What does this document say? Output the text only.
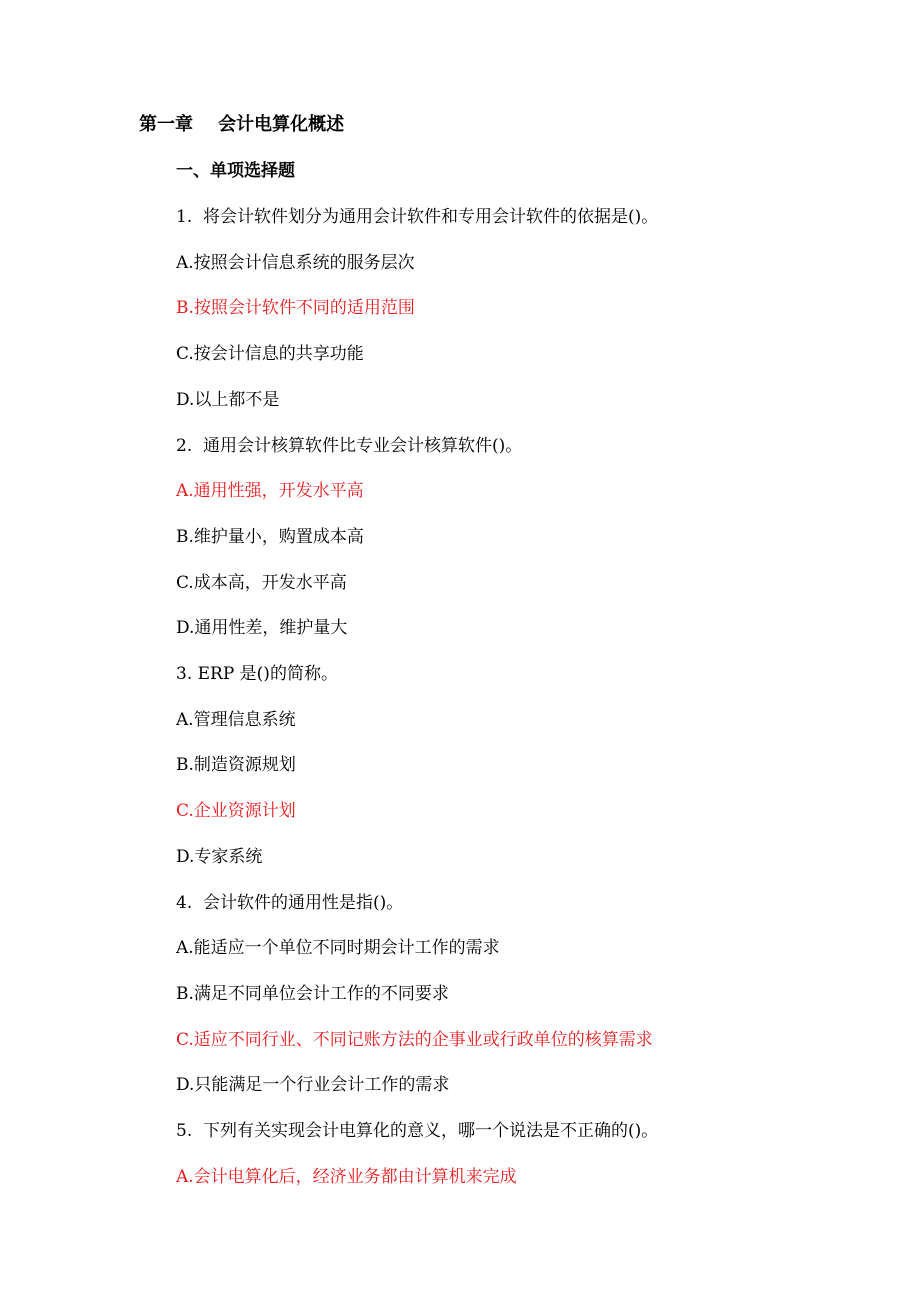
第一章    会计电算化概述
一、单项选择题
1.  将会计软件划分为通用会计软件和专用会计软件的依据是()。
A.按照会计信息系统的服务层次
B.按照会计软件不同的适用范围
C.按会计信息的共享功能
D.以上都不是
2.  通用会计核算软件比专业会计核算软件()。
A.通用性强，开发水平高
B.维护量小，购置成本高
C.成本高，开发水平高
D.通用性差，维护量大
3. ERP 是()的简称。
A.管理信息系统
B.制造资源规划
C.企业资源计划
D.专家系统
4.  会计软件的通用性是指()。
A.能适应一个单位不同时期会计工作的需求
B.满足不同单位会计工作的不同要求
C.适应不同行业、不同记账方法的企事业或行政单位的核算需求
D.只能满足一个行业会计工作的需求
5.  下列有关实现会计电算化的意义，哪一个说法是不正确的()。
A.会计电算化后，经济业务都由计算机来完成
